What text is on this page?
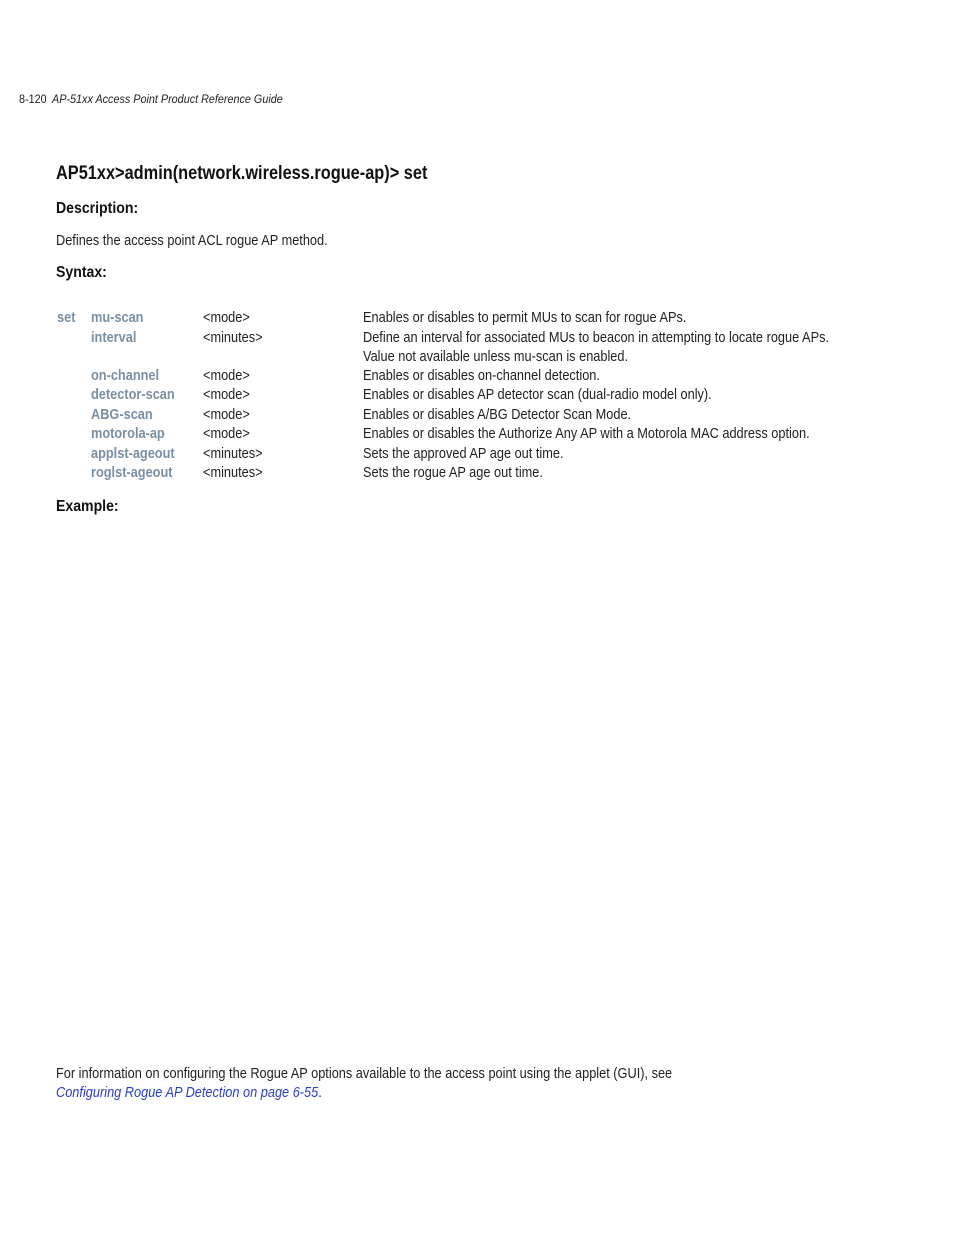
8-120 AP-51xx Access Point Product Reference Guide
AP51xx>admin(network.wireless.rogue-ap)> set
Description:
Defines the access point ACL rogue AP method.
Syntax:
set mu-scan	<mode>	Enables or disables to permit MUs to scan for rogue APs.
interval	<minutes>	Define an interval for associated MUs to beacon in attempting to locate rogue APs.
Value not available unless mu-scan is enabled.
on-channel	<mode>	Enables or disables on-channel detection.
detector-scan <mode>	Enables or disables AP detector scan (dual-radio model only).
ABG-scan	<mode>	Enables or disables A/BG Detector Scan Mode.
motorola-ap	<mode>	Enables or disables the Authorize Any AP with a Motorola MAC address option.
applst-ageout <minutes>	Sets the approved AP age out time.
roglst-ageout <minutes>	Sets the rogue AP age out time.
Example:
For information on configuring the Rogue AP options available to the access point using the applet (GUI), see
Configuring Rogue AP Detection on page 6-55.
